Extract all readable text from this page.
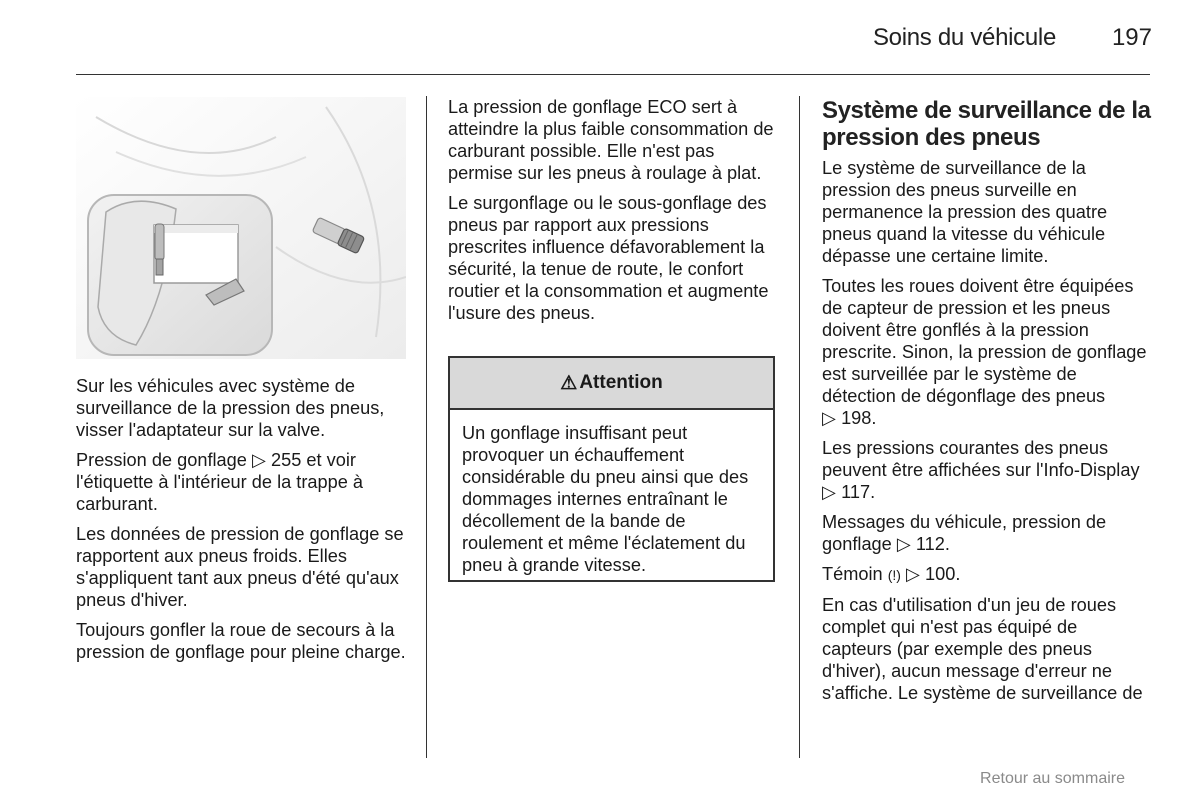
Soins du véhicule	197

Sur les véhicules avec système de surveillance de la pression des pneus, visser l'adaptateur sur la valve.

Pression de gonflage ▷ 255 et voir l'étiquette à l'intérieur de la trappe à carburant.

Les données de pression de gonflage se rapportent aux pneus froids. Elles s'appliquent tant aux pneus d'été qu'aux pneus d'hiver.

Toujours gonfler la roue de secours à la pression de gonflage pour pleine charge.

La pression de gonflage ECO sert à atteindre la plus faible consommation de carburant possible. Elle n'est pas permise sur les pneus à roulage à plat.

Le surgonflage ou le sous-gonflage des pneus par rapport aux pressions prescrites influence défavorablement la sécurité, la tenue de route, le confort routier et la consommation et augmente l'usure des pneus.

⚠ Attention
Un gonflage insuffisant peut provoquer un échauffement considérable du pneu ainsi que des dommages internes entraînant le décollement de la bande de roulement et même l'éclatement du pneu à grande vitesse.
Système de surveillance de la pression des pneus

Le système de surveillance de la pression des pneus surveille en permanence la pression des quatre pneus quand la vitesse du véhicule dépasse une certaine limite.

Toutes les roues doivent être équipées de capteur de pression et les pneus doivent être gonflés à la pression prescrite. Sinon, la pression de gonflage est surveillée par le système de détection de dégonflage des pneus ▷ 198.

Les pressions courantes des pneus peuvent être affichées sur l'Info-Display ▷ 117.

Messages du véhicule, pression de gonflage ▷ 112.

Témoin (!) ▷ 100.

En cas d'utilisation d'un jeu de roues complet qui n'est pas équipé de capteurs (par exemple des pneus d'hiver), aucun message d'erreur ne s'affiche. Le système de surveillance de

Retour au sommaire
